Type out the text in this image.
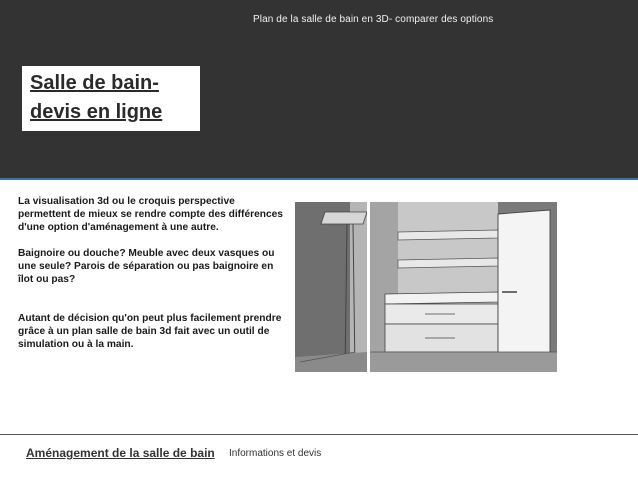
Plan de la salle de bain en 3D- comparer des options
Salle de bain-
devis en ligne

La visualisation 3d ou le croquis perspective permettent de mieux se rendre compte des différences d'une option d'aménagement à une autre.

Baignoire ou douche? Meuble avec deux vasques ou une seule? Parois de séparation ou pas baignoire en îlot ou pas?

Autant de décision qu'on peut plus facilement prendre grâce à un plan salle de bain 3d fait avec un outil de simulation ou à la main.

Aménagement de la salle de bain Informations et devis
